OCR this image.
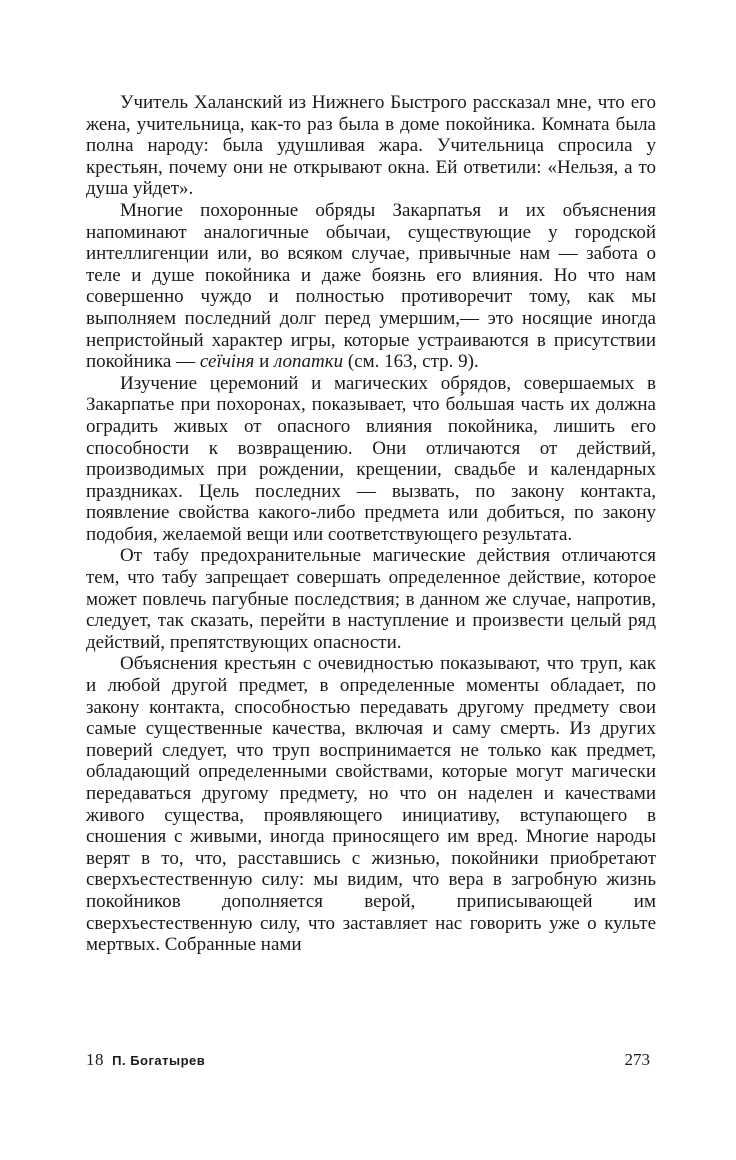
Учитель Халанский из Нижнего Быстрого рассказал мне, что его жена, учительница, как-то раз была в доме покойника. Комната была полна народу: была удушливая жара. Учительница спросила у крестьян, почему они не открывают окна. Ей ответили: «Нельзя, а то душа уйдет».

Многие похоронные обряды Закарпатья и их объяснения напоминают аналогичные обычаи, существующие у городской интеллигенции или, во всяком случае, привычные нам — забота о теле и душе покойника и даже боязнь его влияния. Но что нам совершенно чуждо и полностью противоречит тому, как мы выполняем последний долг перед умершим,— это носящие иногда непристойный характер игры, которые устраиваются в присутствии покойника — сеïчiня и лопатки (см. 163, стр. 9).

Изучение церемоний и магических обрядов, совершаемых в Закарпатье при похоронах, показывает, что бо́льшая часть их должна оградить живых от опасного влияния покойника, лишить его способности к возвращению. Они отличаются от действий, производимых при рождении, крещении, свадьбе и календарных праздниках. Цель последних — вызвать, по закону контакта, появление свойства какого-либо предмета или добиться, по закону подобия, желаемой вещи или соответствующего результата.

От табу предохранительные магические действия отличаются тем, что табу запрещает совершать определенное действие, которое может повлечь пагубные последствия; в данном же случае, напротив, следует, так сказать, перейти в наступление и произвести целый ряд действий, препятствующих опасности.

Объяснения крестьян с очевидностью показывают, что труп, как и любой другой предмет, в определенные моменты обладает, по закону контакта, способностью передавать другому предмету свои самые существенные качества, включая и саму смерть. Из других поверий следует, что труп воспринимается не только как предмет, обладающий определенными свойствами, которые могут магически передаваться другому предмету, но что он наделен и качествами живого существа, проявляющего инициативу, вступающего в сношения с живыми, иногда приносящего им вред. Многие народы верят в то, что, расставшись с жизнью, покойники приобретают сверхъестественную силу: мы видим, что вера в загробную жизнь покойников дополняется верой, приписывающей им сверхъестественную силу, что заставляет нас говорить уже о культе мертвых. Собранные нами

18 П. Богатырев	273
